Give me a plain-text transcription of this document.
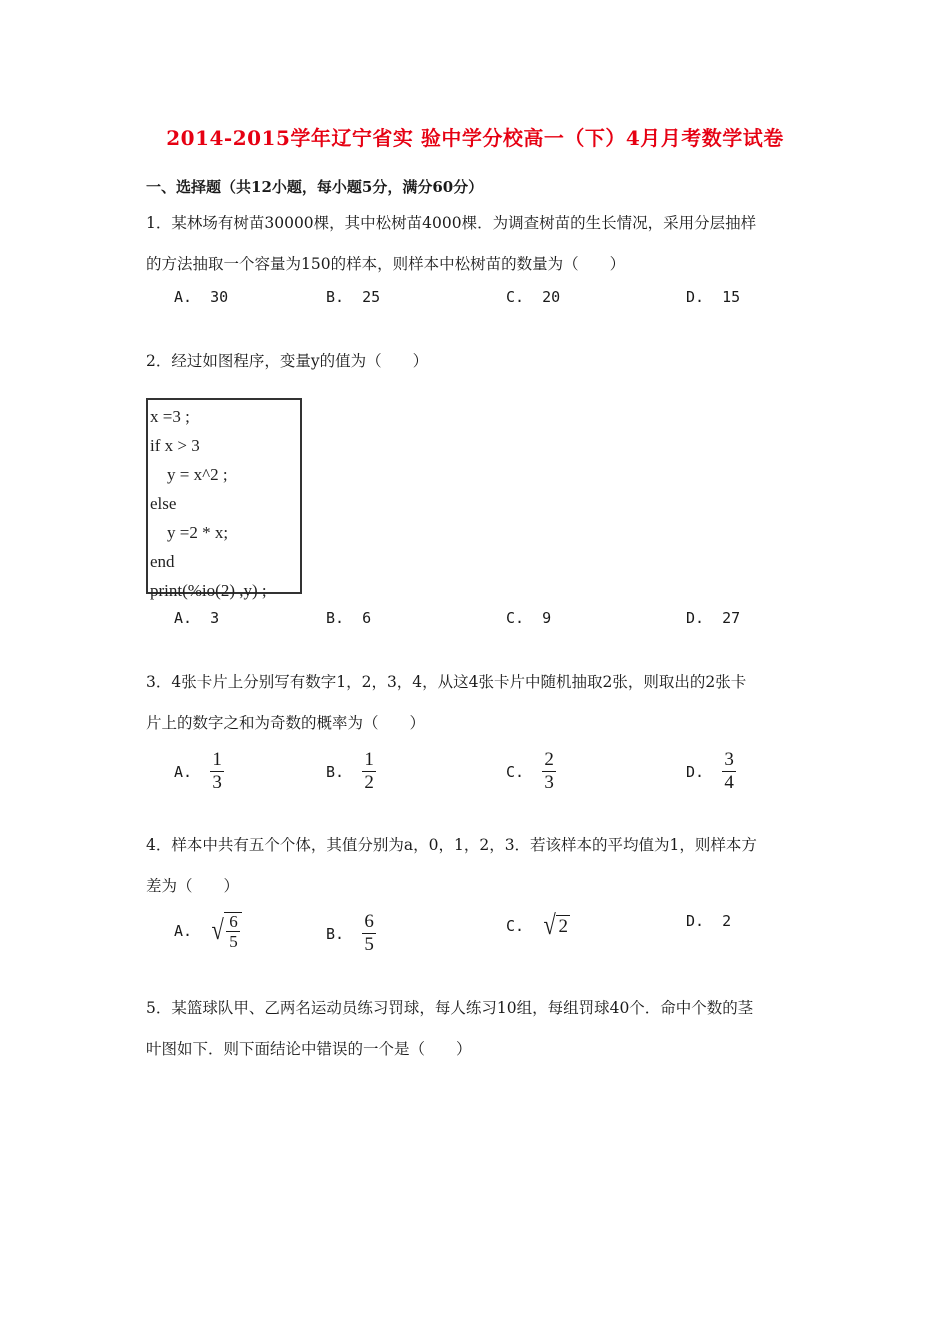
2014-2015学年辽宁省实 验中学分校高一（下）4月月考数学试卷
一、选择题（共12小题，每小题5分，满分60分）
1．某林场有树苗30000棵，其中松树苗4000棵．为调查树苗的生长情况，采用分层抽样
的方法抽取一个容量为150的样本，则样本中松树苗的数量为（　　）
A. 30	B. 25	C. 20	D. 15
2．经过如图程序，变量y的值为（　　）
x =3 ;
if x > 3
y = x^2 ;
else
y =2 * x;
end
print(%io(2) ,y) ;
A. 3	B. 6	C. 9	D. 27
3．4张卡片上分别写有数字1，2，3，4，从这4张卡片中随机抽取2张，则取出的2张卡
片上的数字之和为奇数的概率为（　　）
A. $\frac{1}{3}$	B. $\frac{1}{2}$	C. $\frac{2}{3}$	D. $\frac{3}{4}$
4．样本中共有五个个体，其值分别为a，0，1，2，3．若该样本的平均值为1，则样本方
差为（　　）
A. √ $\frac{6}{5}$	B. $\frac{6}{5}$	C. √ 2	D. 2
5．某篮球队甲、乙两名运动员练习罚球，每人练习10组，每组罚球40个．命中个数的茎
叶图如下．则下面结论中错误的一个是（　　）
